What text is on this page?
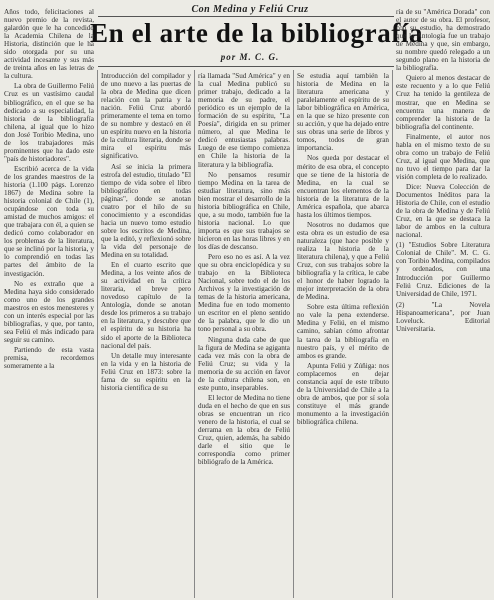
Con Medina y Feliú Cruz
En el arte de la bibliografía
por M. C. G.

Años todo, felicitaciones al nuevo premio de la revista, galardón que le ha concedido la Academia Chilena de la Historia, distinción que le ha sido otorgada por su una actividad incesante y sus más de treinta años en las letras de la cultura.

La obra de Guillermo Feliú Cruz es un vastísimo caudal bibliográfico, en el que se ha dedicado a su especialidad, la historia de la bibliografía chilena, al igual que lo hizo don José Toribio Medina, uno de los trabajadores más prominentes que ha dado este "país de historiadores".

Escribió acerca de la vida de los grandes maestros de la historia (1.100 págs. Lorenzo 1867) de Medina sobre la historia colonial de Chile (1), ocupándose con toda su amistad de muchos amigos: el que trabajara con él, a quien se dedicó como colaborador en los problemas de la literatura, que se inclinó por la historia, y lo comprendió en todas las partes del ámbito de la investigación.

No es extraño que a Medina haya sido considerado como uno de los grandes maestros en estos menesteres y con un interés especial por las bibliografías, y que, por tanto, sea Feliú el más indicado para seguir su camino.

Partiendo de esta vasta premisa, recordemos someramente a la

Introducción del compilador y de uno nuevo a las puertas de la obra de Medina que dicen relación con la patria y la nación. Feliú Cruz abordó primeramente el tema en torno de su nombre y destacó en él un espíritu nuevo en la historia de la cultura literaria, donde se mira el espíritu más significativo.

Así se inicia la primera estrofa del estudio, titulado "El tiempo de vida sobre el libro bibliográfico en todas páginas", donde se anotan cuatro por el hilo de su conocimiento y a escondidas hacia un nuevo tomo estudio sobre los escritos de Medina, que la editó, y reflexionó sobre la vida del personaje de Medina en su totalidad.

En el cuarto escrito que Medina, a los veinte años de su actividad en la crítica literaria, el breve pero novedoso capítulo de la Antología, donde se anotan desde los primeros a su trabajo en la literatura, y descubre que el espíritu de su historia ha sido el aporte de la Biblioteca nacional del país.

Un detalle muy interesante en la vida y en la historia de Feliú Cruz en 1873: sobre la fama de su espíritu en la historia científica de su

ría llamada "Sud América" y en la cual Medina publicó su primer trabajo, dedicado a la memoria de su padre, el periódico es un ejemplo de la formación de su espíritu, "La Poesía", dirigida en su primer número, al que Medina le dedicó entusiastas palabras. Luego de ese tiempo comienza en Chile la historia de la literatura y la bibliografía.

No pensamos resumir tiempo Medina en la tarea de estudiar literatura, sino más bien mostrar el desarrollo de la historia bibliográfica en Chile, que, a su modo, también fue la historia nacional. Lo que importa es que sus trabajos se hicieron en las horas libres y en los días de descanso.

Pero eso no es así. A la vez que su obra enciclopédica y su trabajo en la Biblioteca Nacional, sobre todo el de los Archivos y la investigación de temas de la historia americana, Medina fue en todo momento un escritor en el pleno sentido de la palabra, que le dio un tono personal a su obra.

Ninguna duda cabe de que la figura de Medina se agiganta cada vez más con la obra de Feliú Cruz; su vida y la memoria de su acción en favor de la cultura chilena son, en este punto, inseparables.

El lector de Medina no tiene duda en el hecho de que en sus obras se encuentran un rico venero de la historia, el cual se derrama en la obra de Feliú Cruz, quien, además, ha sabido darle el sitio que le correspondía como primer bibliógrafo de la América.

Se estudia aquí también la historia de Medina en la literatura americana y paralelamente el espíritu de su labor bibliográfica en América, en la que se hizo presente con su acción, y que ha dejado entre sus obras una serie de libros y tomos, todos de gran importancia.

Nos queda por destacar el mérito de esa obra, el concepto que se tiene de la historia de Medina, en la cual se encuentran los elementos de la historia de la literatura de la América española, que abarca hasta los últimos tiempos.

Nosotros no dudamos que esta obra es un estudio de esa naturaleza (que hace posible y realiza la historia de la literatura chilena), y que a Feliú Cruz, con sus trabajos sobre la bibliografía y la crítica, le cabe el honor de haber logrado la mejor interpretación de la obra de Medina.

Sobre esta última reflexión no vale la pena extenderse. Medina y Feliú, en el mismo camino, sabían cómo afrontar la tarea de la bibliografía en nuestro país, y el mérito de ambos es grande.

Apunta Feliú y Zúñiga: nos complacemos en dejar constancia aquí de este tributo de la Universidad de Chile a la obra de ambos, que por sí sola constituye el más grande monumento a la investigación bibliográfica chilena.

ría de su "América Dorada" con el autor de su obra. El profesor, con su estudio, ha demostrado que la Antología fue un trabajo de Medina y que, sin embargo, su nombre quedó relegado a un segundo plano en la historia de la bibliografía.

Quiero al menos destacar de este recuento y a lo que Feliú Cruz ha tenido la gentileza de mostrar, que en Medina se encuentra una manera de comprender la historia de la bibliografía del continente.

Finalmente, el autor nos habla en el mismo texto de su obra como un trabajo de Feliú Cruz, al igual que Medina, que no tuvo el tiempo para dar la visión completa de lo realizado.

Dice: Nueva Colección de Documentos Inéditos para la Historia de Chile, con el estudio de la obra de Medina y de Feliú Cruz, en la que se destaca la labor de ambos en la cultura nacional.

(1) "Estudios Sobre Literatura Colonial de Chile". M. C. G. con Toribio Medina, compilados y ordenados, con una Introducción por Guillermo Feliú Cruz. Ediciones de la Universidad de Chile, 1971.

(2) "La Novela Hispanoamericana", por Juan Loveluck. Editorial Universitaria.
